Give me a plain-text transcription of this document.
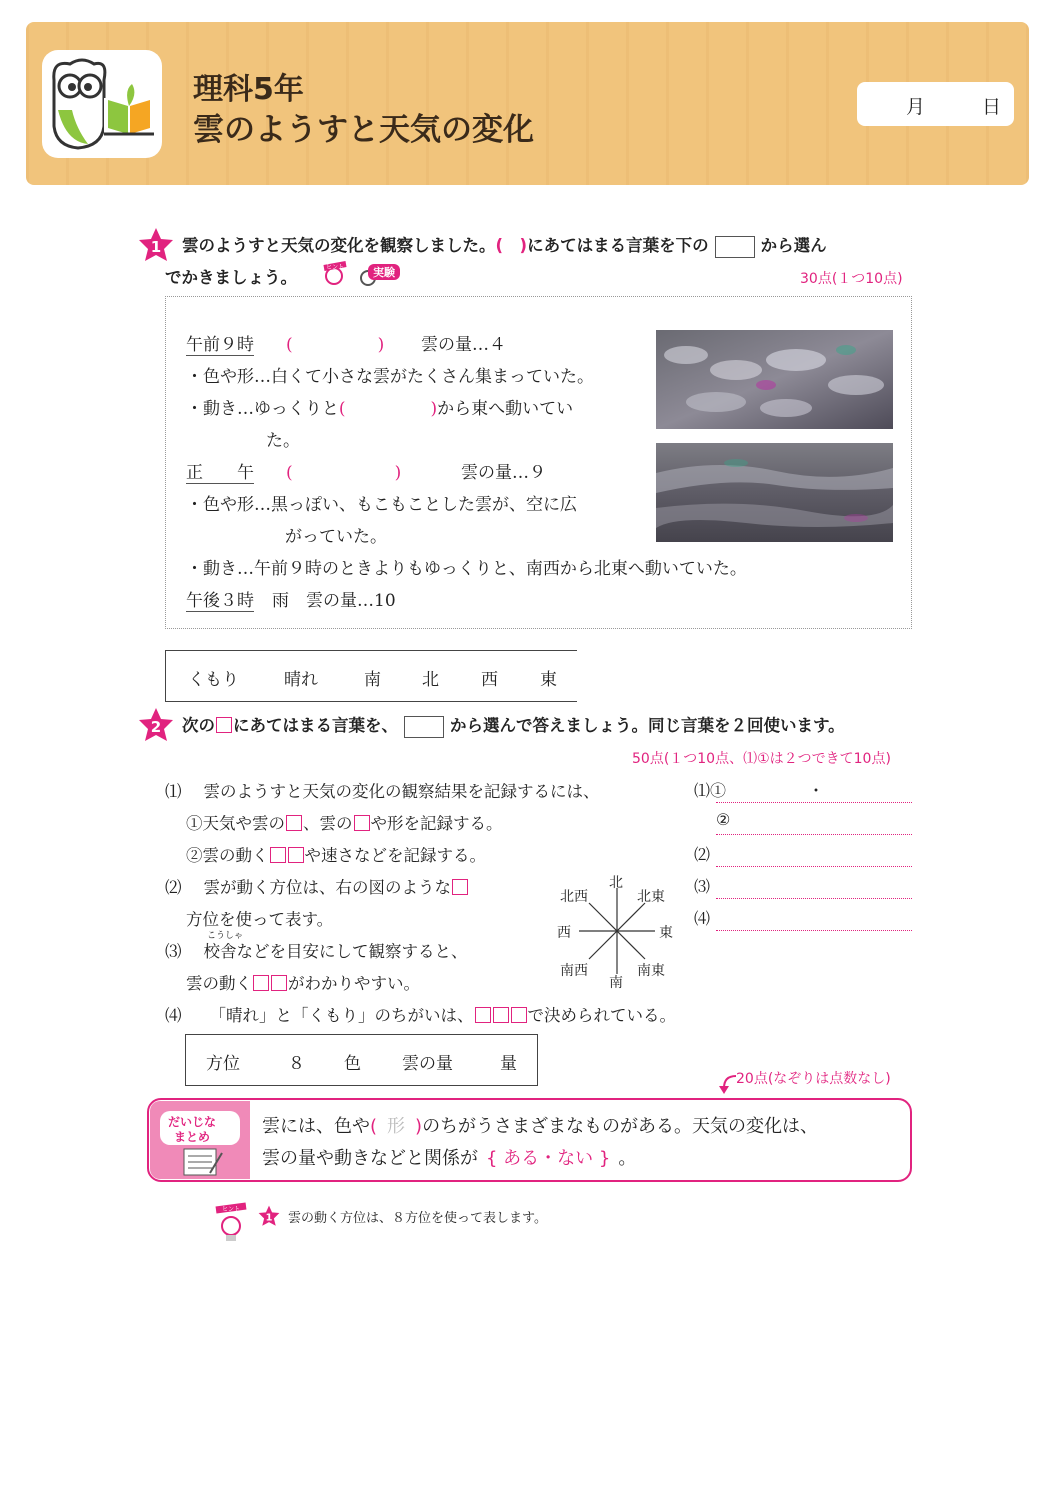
理科5年
雲のようすと天気の変化
月	日
1 雲のようすと天気の変化を観察しました。(　)にあてはまる言葉を下の	から選ん
でかきましょう。
ヒント	実験	30点(１つ10点)
午前９時 (　　　　　) 雲の量…４
・色や形…白くて小さな雲がたくさん集まっていた。
・動き…ゆっくりと(　　　　　)から東へ動いてい
た。
正　　午 (　　　　　　)	雲の量…９
・色や形…黒っぽい、もこもことした雲が、空に広
がっていた。
・動き…午前９時のときよりもゆっくりと、南西から北東へ動いていた。
午後３時 雨　雲の量…10
くもり	晴れ	南 北 西 東
2 次の にあてはまる言葉を、	から選んで答えましょう。同じ言葉を２回使います。
50点(１つ10点、⑴①は２つできて10点)
⑴ 雲のようすと天気の変化の観察結果を記録するには、
①天気や雲の 、雲の や形を記録する。
②雲の動く や速さなどを記録する。
⑵ 雲が動く方位は、右の図のような
方位を使って表す。
こうしゃ
⑶ 校舎などを目安にして観察すると、
雲の動く がわかりやすい。
⑷ 「晴れ」と「くもり」のちがいは、	で決められている。
北
南
東
西
北東
北西
南東
南西
⑴①	・
②
⑵
⑶
⑷
方位	８ 色 雲の量	量
20点(なぞりは点数なし)
だいじな
まとめ	雲には、色や( 形 )のちがうさまざまなものがある。天気の変化は、
雲の量や動きなどと関係が { ある・ない } 。
ヒント
1 雲の動く方位は、８方位を使って表します。
